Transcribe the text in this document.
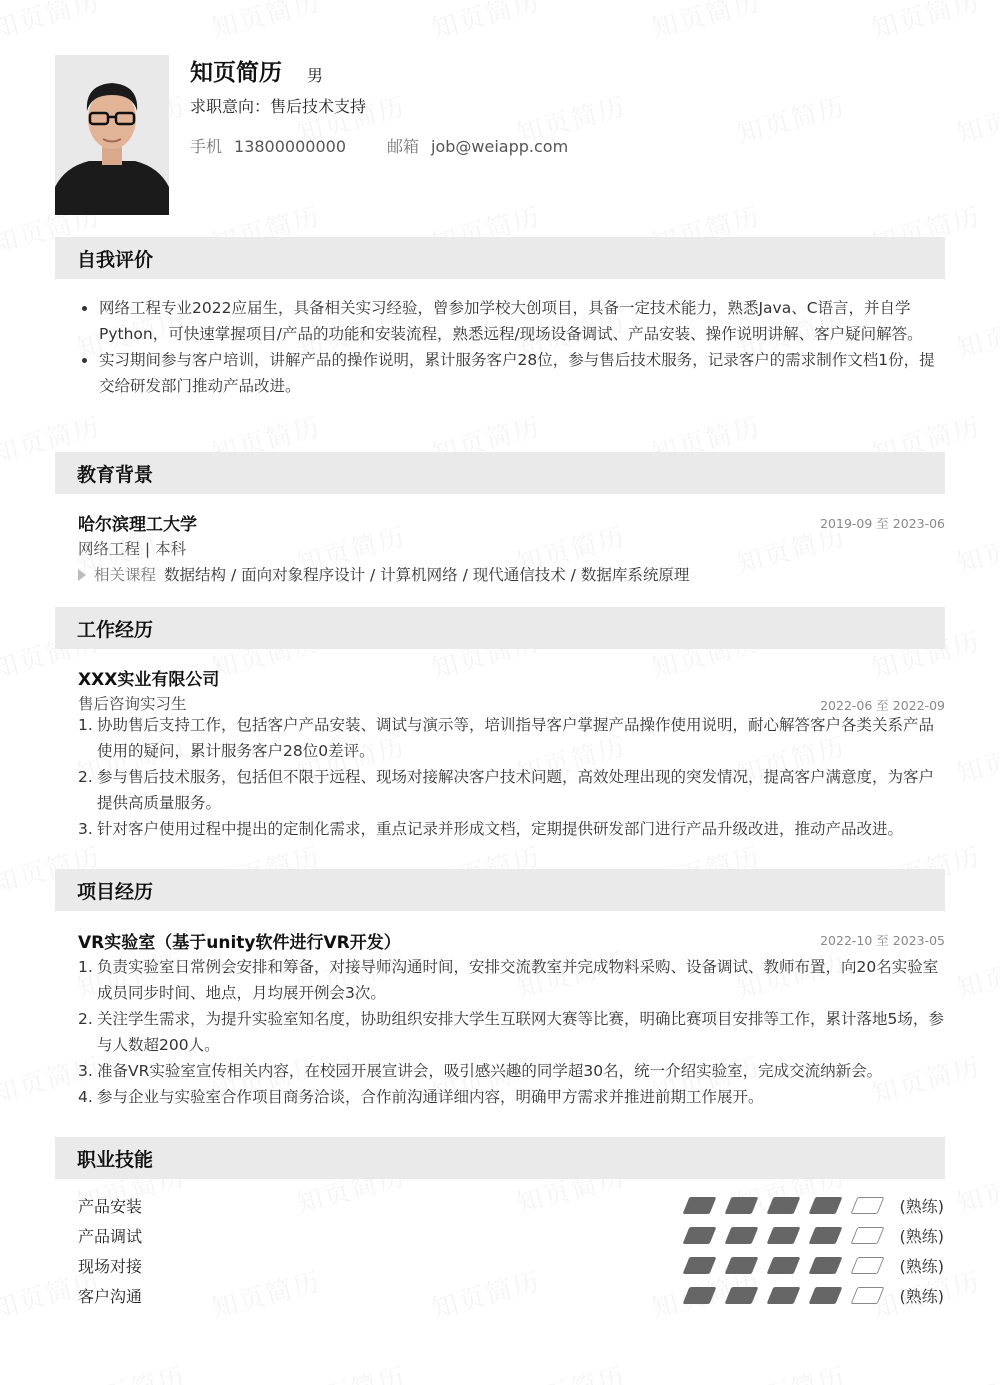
知页简历 男
求职意向：售后技术支持
手机 13800000000	邮箱 job@weiapp.com
自我评价
网络工程专业2022应届生，具备相关实习经验，曾参加学校大创项目，具备一定技术能力，熟悉Java、C语言，并自学Python，可快速掌握项目/产品的功能和安装流程，熟悉远程/现场设备调试、产品安装、操作说明讲解、客户疑问解答。
实习期间参与客户培训，讲解产品的操作说明，累计服务客户28位，参与售后技术服务，记录客户的需求制作文档1份，提交给研发部门推动产品改进。
教育背景
哈尔滨理工大学	2019-09 至 2023-06
网络工程 | 本科
相关课程 数据结构 / 面向对象程序设计 / 计算机网络 / 现代通信技术 / 数据库系统原理
工作经历
XXX实业有限公司
售后咨询实习生	2022-06 至 2022-09
1. 协助售后支持工作，包括客户产品安装、调试与演示等，培训指导客户掌握产品操作使用说明，耐心解答客户各类关系产品使用的疑问，累计服务客户28位0差评。
2. 参与售后技术服务，包括但不限于远程、现场对接解决客户技术问题，高效处理出现的突发情况，提高客户满意度，为客户提供高质量服务。
3. 针对客户使用过程中提出的定制化需求，重点记录并形成文档，定期提供研发部门进行产品升级改进，推动产品改进。
项目经历
VR实验室（基于unity软件进行VR开发）	2022-10 至 2023-05
1. 负责实验室日常例会安排和筹备，对接导师沟通时间，安排交流教室并完成物料采购、设备调试、教师布置，向20名实验室成员同步时间、地点，月均展开例会3次。
2. 关注学生需求，为提升实验室知名度，协助组织安排大学生互联网大赛等比赛，明确比赛项目安排等工作，累计落地5场，参与人数超200人。
3. 准备VR实验室宣传相关内容，在校园开展宣讲会，吸引感兴趣的同学超30名，统一介绍实验室，完成交流纳新会。
4. 参与企业与实验室合作项目商务洽谈，合作前沟通详细内容，明确甲方需求并推进前期工作展开。
职业技能
产品安装	(熟练)
产品调试	(熟练)
现场对接	(熟练)
客户沟通	(熟练)
